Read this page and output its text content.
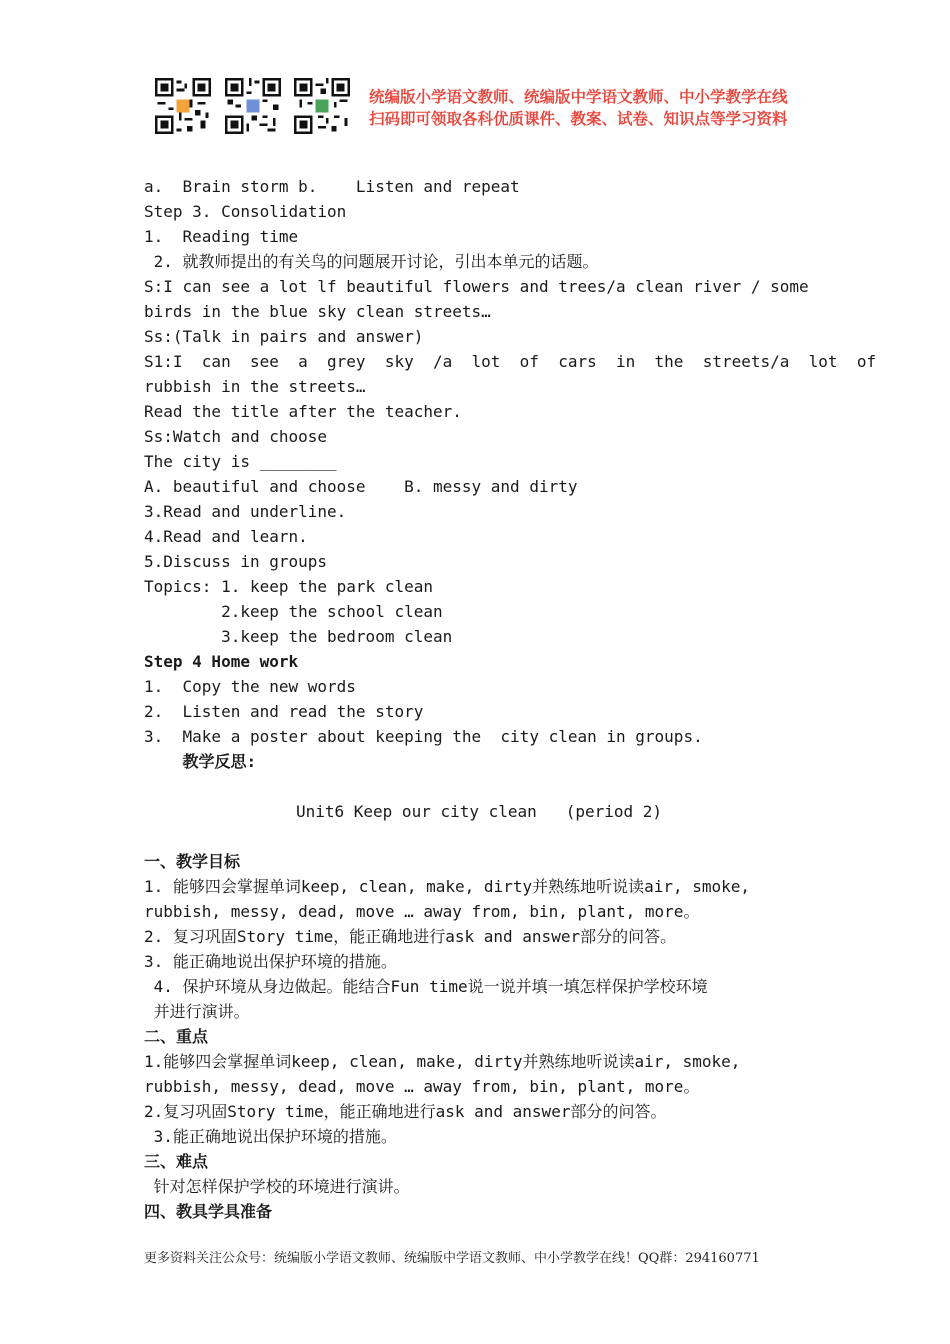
统编版小学语文教师、统编版中学语文教师、中小学教学在线
扫码即可领取各科优质课件、教案、试卷、知识点等学习资料
a.  Brain storm b.    Listen and repeat
Step 3. Consolidation
1.  Reading time
2. 就教师提出的有关鸟的问题展开讨论，引出本单元的话题。
S:I can see a lot lf beautiful flowers and trees/a clean river / some
birds in the blue sky clean streets…
Ss:(Talk in pairs and answer)
S1:I  can  see  a  grey  sky  /a  lot  of  cars  in  the  streets/a  lot  of
rubbish in the streets…
Read the title after the teacher.
Ss:Watch and choose
The city is ________
A. beautiful and choose    B. messy and dirty
3.Read and underline.
4.Read and learn.
5.Discuss in groups
Topics: 1. keep the park clean
2.keep the school clean
3.keep the bedroom clean
Step 4 Home work
1.  Copy the new words
2.  Listen and read the story
3.  Make a poster about keeping the  city clean in groups.
教学反思:
Unit6 Keep our city clean   (period 2)
一、教学目标
1. 能够四会掌握单词keep, clean, make, dirty并熟练地听说读air, smoke,
rubbish, messy, dead, move … away from, bin, plant, more。
2. 复习巩固Story time，能正确地进行ask and answer部分的问答。
3. 能正确地说出保护环境的措施。
4. 保护环境从身边做起。能结合Fun time说一说并填一填怎样保护学校环境
并进行演讲。
二、重点
1.能够四会掌握单词keep, clean, make, dirty并熟练地听说读air, smoke,
rubbish, messy, dead, move … away from, bin, plant, more。
2.复习巩固Story time，能正确地进行ask and answer部分的问答。
3.能正确地说出保护环境的措施。
三、难点
针对怎样保护学校的环境进行演讲。
四、教具学具准备
更多资料关注公众号：统编版小学语文教师、统编版中学语文教师、中小学教学在线！QQ群：294160771
